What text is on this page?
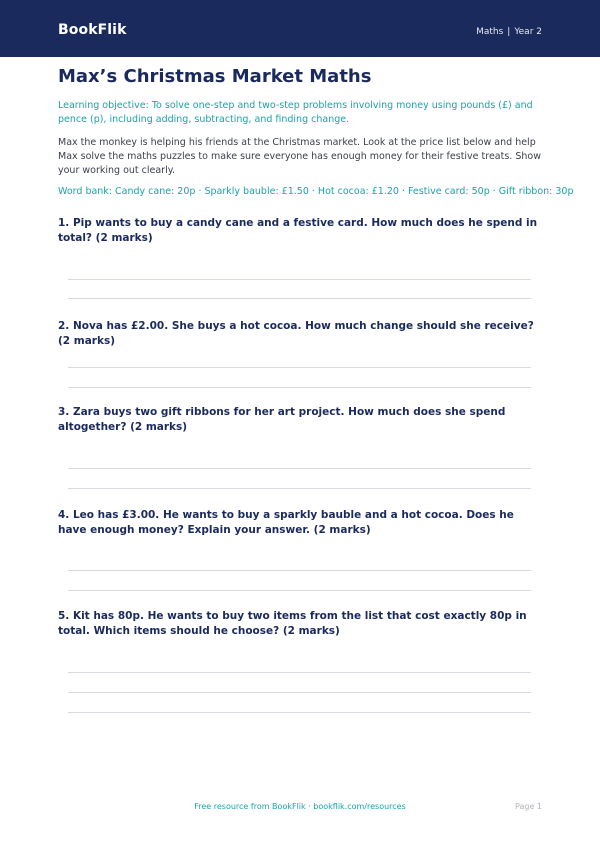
BookFlik	Maths | Year 2
Max’s Christmas Market Maths

Learning objective: To solve one-step and two-step problems involving money using pounds (£) and pence (p), including adding, subtracting, and finding change.

Max the monkey is helping his friends at the Christmas market. Look at the price list below and help Max solve the maths puzzles to make sure everyone has enough money for their festive treats. Show your working out clearly.

Word bank: Candy cane: 20p · Sparkly bauble: £1.50 · Hot cocoa: £1.20 · Festive card: 50p · Gift ribbon: 30p

1. Pip wants to buy a candy cane and a festive card. How much does he spend in total? (2 marks)

2. Nova has £2.00. She buys a hot cocoa. How much change should she receive? (2 marks)

3. Zara buys two gift ribbons for her art project. How much does she spend altogether? (2 marks)

4. Leo has £3.00. He wants to buy a sparkly bauble and a hot cocoa. Does he have enough money? Explain your answer. (2 marks)

5. Kit has 80p. He wants to buy two items from the list that cost exactly 80p in total. Which items should he choose? (2 marks)

Free resource from BookFlik · bookflik.com/resources	Page 1
